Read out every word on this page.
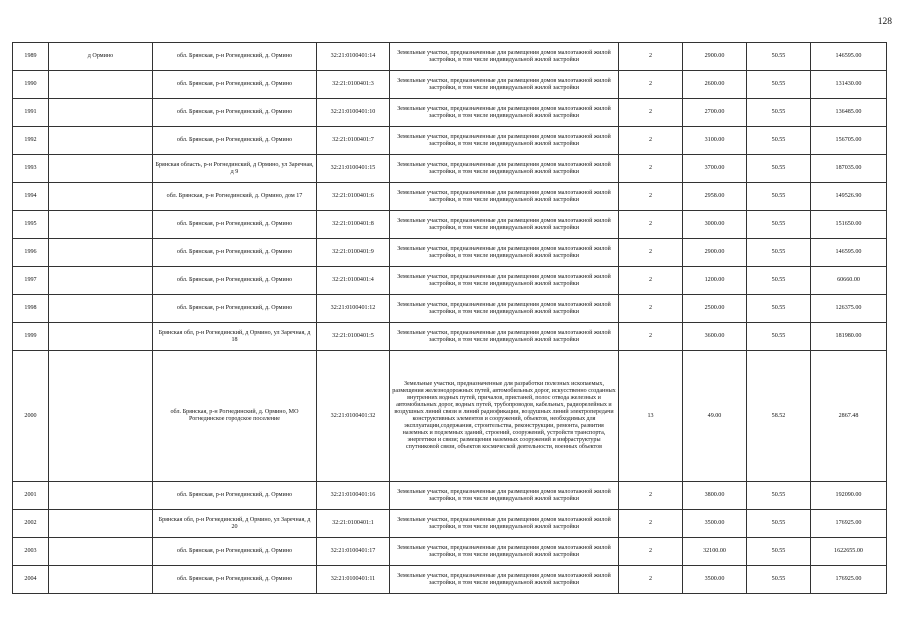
128
1989	д Ормино	обл. Брянская, р-н Рогнединский, д. Ормино	32:21:0100401:14	Земельные участки, предназначенные для размещения домов малоэтажной жилой застройки, в том числе индивидуальной жилой застройки	2	2900.00	50.55	146595.00
1990		обл. Брянская, р-н Рогнединский, д. Ормино	32:21:0100401:3	Земельные участки, предназначенные для размещения домов малоэтажной жилой застройки, в том числе индивидуальной жилой застройки	2	2600.00	50.55	131430.00
1991		обл. Брянская, р-н Рогнединский, д. Ормино	32:21:0100401:10	Земельные участки, предназначенные для размещения домов малоэтажной жилой застройки, в том числе индивидуальной жилой застройки	2	2700.00	50.55	136485.00
1992		обл. Брянская, р-н Рогнединский, д. Ормино	32:21:0100401:7	Земельные участки, предназначенные для размещения домов малоэтажной жилой застройки, в том числе индивидуальной жилой застройки	2	3100.00	50.55	156705.00
1993		Брянская область, р-н Рогнединский, д Ормино, ул Заречная, д 9	32:21:0100401:15	Земельные участки, предназначенные для размещения домов малоэтажной жилой застройки, в том числе индивидуальной жилой застройки	2	3700.00	50.55	187035.00
1994		обл. Брянская, р-н Рогнединский, д. Ормино, дом 17	32:21:0100401:6	Земельные участки, предназначенные для размещения домов малоэтажной жилой застройки, в том числе индивидуальной жилой застройки	2	2958.00	50.55	149526.90
1995		обл. Брянская, р-н Рогнединский, д. Ормино	32:21:0100401:8	Земельные участки, предназначенные для размещения домов малоэтажной жилой застройки, в том числе индивидуальной жилой застройки	2	3000.00	50.55	151650.00
1996		обл. Брянская, р-н Рогнединский, д. Ормино	32:21:0100401:9	Земельные участки, предназначенные для размещения домов малоэтажной жилой застройки, в том числе индивидуальной жилой застройки	2	2900.00	50.55	146595.00
1997		обл. Брянская, р-н Рогнединский, д. Ормино	32:21:0100401:4	Земельные участки, предназначенные для размещения домов малоэтажной жилой застройки, в том числе индивидуальной жилой застройки	2	1200.00	50.55	60660.00
1998		обл. Брянская, р-н Рогнединский, д. Ормино	32:21:0100401:12	Земельные участки, предназначенные для размещения домов малоэтажной жилой застройки, в том числе индивидуальной жилой застройки	2	2500.00	50.55	126375.00
1999		Брянская обл, р-н Рогнединский, д Ормино, ул Заречная, д 18	32:21:0100401:5	Земельные участки, предназначенные для размещения домов малоэтажной жилой застройки, в том числе индивидуальной жилой застройки	2	3600.00	50.55	181980.00
2000		обл. Брянская, р-н Рогнединский, д. Ормино, МО Рогнединское городское поселение	32:21:0100401:32	Земельные участки, предназначенные для разработки полезных ископаемых, размещения железнодорожных путей, автомобильных дорог, искусственно созданных внутренних водных путей, причалов, пристаней, полос отвода железных и автомобильных дорог, водных путей, трубопроводов, кабельных, радиорелейных и воздушных линий связи и линий радиофикации, воздушных линий электропередачи конструктивных элементов и сооружений, объектов, необходимых для эксплуатации,содержания, строительства, реконструкции, ремонта, развития наземных и подземных зданий, строений, сооружений, устройств транспорта, энергетики и связи; размещения наземных сооружений и инфраструктуры спутниковой связи, объектов космической деятельности, военных объектов	13	49.00	58.52	2867.48
2001		обл. Брянская, р-н Рогнединский, д. Ормино	32:21:0100401:16	Земельные участки, предназначенные для размещения домов малоэтажной жилой застройки, в том числе индивидуальной жилой застройки	2	3800.00	50.55	192090.00
2002		Брянская обл, р-н Рогнединский, д Ормино, ул Заречная, д 20	32:21:0100401:1	Земельные участки, предназначенные для размещения домов малоэтажной жилой застройки, в том числе индивидуальной жилой застройки	2	3500.00	50.55	176925.00
2003		обл. Брянская, р-н Рогнединский, д. Ормино	32:21:0100401:17	Земельные участки, предназначенные для размещения домов малоэтажной жилой застройки, в том числе индивидуальной жилой застройки	2	32100.00	50.55	1622655.00
2004		обл. Брянская, р-н Рогнединский, д. Ормино	32:21:0100401:11	Земельные участки, предназначенные для размещения домов малоэтажной жилой застройки, в том числе индивидуальной жилой застройки	2	3500.00	50.55	176925.00
